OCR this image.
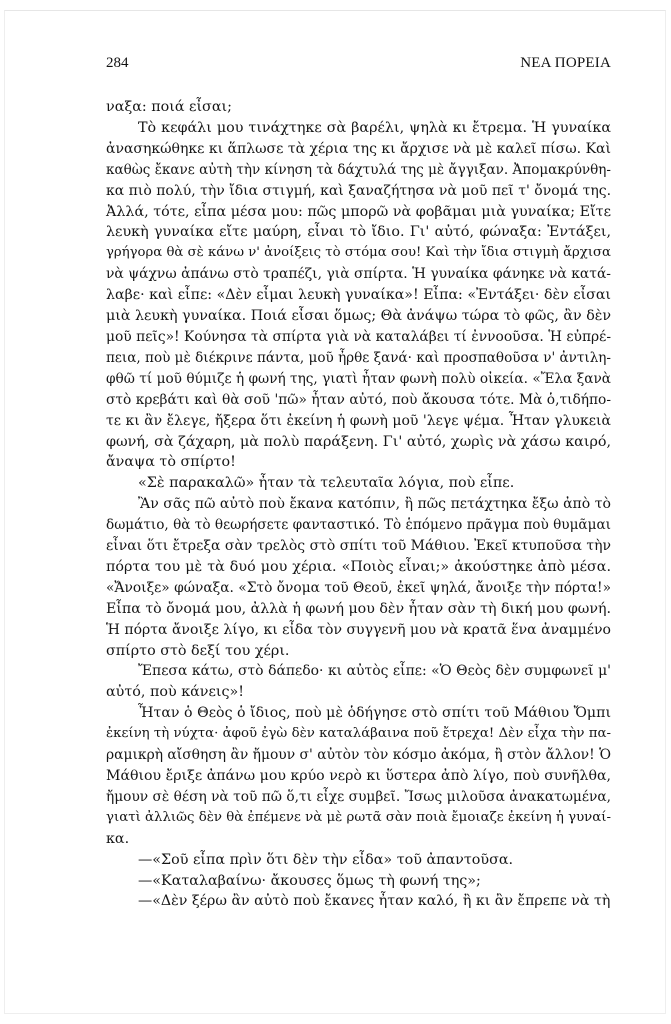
284	ΝΕΑ ΠΟΡΕΙΑ
ναξα: ποιά εἶσαι;
Τὸ κεφάλι μου τινάχτηκε σὰ βαρέλι, ψηλὰ κι ἔτρεμα. Ἡ γυναίκα
ἀνασηκώθηκε κι ἅπλωσε τὰ χέρια της κι ἄρχισε νὰ μὲ καλεῖ πίσω. Καὶ
καθὼς ἔκανε αὐτὴ τὴν κίνηση τὰ δάχτυλά της μὲ ἄγγιξαν. Ἀπομακρύνθη-
κα πιὸ πολύ, τὴν ἴδια στιγμή, καὶ ξαναζήτησα νὰ μοῦ πεῖ τ' ὄνομά της.
Ἀλλά, τότε, εἶπα μέσα μου: πῶς μπορῶ νὰ φοβᾶμαι μιὰ γυναίκα; Εἴτε
λευκὴ γυναίκα εἴτε μαύρη, εἶναι τὸ ἴδιο. Γι' αὐτό, φώναξα: Ἐντάξει,
γρήγορα θὰ σὲ κάνω ν' ἀνοίξεις τὸ στόμα σου! Καὶ τὴν ἴδια στιγμὴ ἄρχισα
νὰ ψάχνω ἀπάνω στὸ τραπέζι, γιὰ σπίρτα. Ἡ γυναίκα φάνηκε νὰ κατά-
λαβε· καὶ εἶπε: «Δὲν εἶμαι λευκὴ γυναίκα»! Εἶπα: «Ἐντάξει· δὲν εἶσαι
μιὰ λευκὴ γυναίκα. Ποιά εἶσαι ὅμως; Θὰ ἀνάψω τώρα τὸ φῶς, ἂν δὲν
μοῦ πεῖς»! Κούνησα τὰ σπίρτα γιὰ νὰ καταλάβει τί ἐννοοῦσα. Ἡ εὐπρέ-
πεια, ποὺ μὲ διέκρινε πάντα, μοῦ ἦρθε ξανά· καὶ προσπαθοῦσα ν' ἀντιλη-
φθῶ τί μοῦ θύμιζε ἡ φωνή της, γιατὶ ἦταν φωνὴ πολὺ οἰκεία. «Ἔλα ξανὰ
στὸ κρεβάτι καὶ θὰ σοῦ 'πῶ» ἦταν αὐτό, ποὺ ἄκουσα τότε. Μὰ ὁ,τιδήπο-
τε κι ἂν ἔλεγε, ἤξερα ὅτι ἐκείνη ἡ φωνὴ μοῦ 'λεγε ψέμα. Ἦταν γλυκειὰ
φωνή, σὰ ζάχαρη, μὰ πολὺ παράξενη. Γι' αὐτό, χωρὶς νὰ χάσω καιρό,
ἄναψα τὸ σπίρτο!
«Σὲ παρακαλῶ» ἦταν τὰ τελευταῖα λόγια, ποὺ εἶπε.
Ἂν σᾶς πῶ αὐτὸ ποὺ ἔκανα κατόπιν, ἢ πῶς πετάχτηκα ἔξω ἀπὸ τὸ
δωμάτιο, θὰ τὸ θεωρήσετε φανταστικό. Τὸ ἑπόμενο πρᾶγμα ποὺ θυμᾶμαι
εἶναι ὅτι ἔτρεξα σὰν τρελὸς στὸ σπίτι τοῦ Μάθιου. Ἐκεῖ κτυποῦσα τὴν
πόρτα του μὲ τὰ δυό μου χέρια. «Ποιὸς εἶναι;» ἀκούστηκε ἀπὸ μέσα.
«Ἄνοιξε» φώναξα. «Στὸ ὄνομα τοῦ Θεοῦ, ἐκεῖ ψηλά, ἄνοιξε τὴν πόρτα!»
Εἶπα τὸ ὄνομά μου, ἀλλὰ ἡ φωνή μου δὲν ἦταν σὰν τὴ δική μου φωνή.
Ἡ πόρτα ἄνοιξε λίγο, κι εἶδα τὸν συγγενῆ μου νὰ κρατᾶ ἕνα ἀναμμένο
σπίρτο στὸ δεξί του χέρι.
Ἔπεσα κάτω, στὸ δάπεδο· κι αὐτὸς εἶπε: «Ὁ Θεὸς δὲν συμφωνεῖ μ'
αὐτό, ποὺ κάνεις»!
Ἦταν ὁ Θεὸς ὁ ἴδιος, ποὺ μὲ ὁδήγησε στὸ σπίτι τοῦ Μάθιου Ὄμπι
ἐκείνη τὴ νύχτα· ἀφοῦ ἐγὼ δὲν καταλάβαινα ποῦ ἔτρεχα! Δὲν εἶχα τὴν πα-
ραμικρὴ αἴσθηση ἂν ἤμουν σ' αὐτὸν τὸν κόσμο ἀκόμα, ἢ στὸν ἄλλον! Ὁ
Μάθιου ἔριξε ἀπάνω μου κρύο νερὸ κι ὕστερα ἀπὸ λίγο, ποὺ συνῆλθα,
ἤμουν σὲ θέση νὰ τοῦ πῶ ὅ,τι εἶχε συμβεῖ. Ἴσως μιλοῦσα ἀνακατωμένα,
γιατὶ ἀλλιῶς δὲν θὰ ἐπέμενε νὰ μὲ ρωτᾶ σὰν ποιὰ ἔμοιαζε ἐκείνη ἡ γυναί-
κα.
—«Σοῦ εἶπα πρὶν ὅτι δὲν τὴν εἶδα» τοῦ ἀπαντοῦσα.
—«Καταλαβαίνω· ἄκουσες ὅμως τὴ φωνή της»;
—«Δὲν ξέρω ἂν αὐτὸ ποὺ ἔκανες ἦταν καλό, ἢ κι ἂν ἔπρεπε νὰ τὴ
